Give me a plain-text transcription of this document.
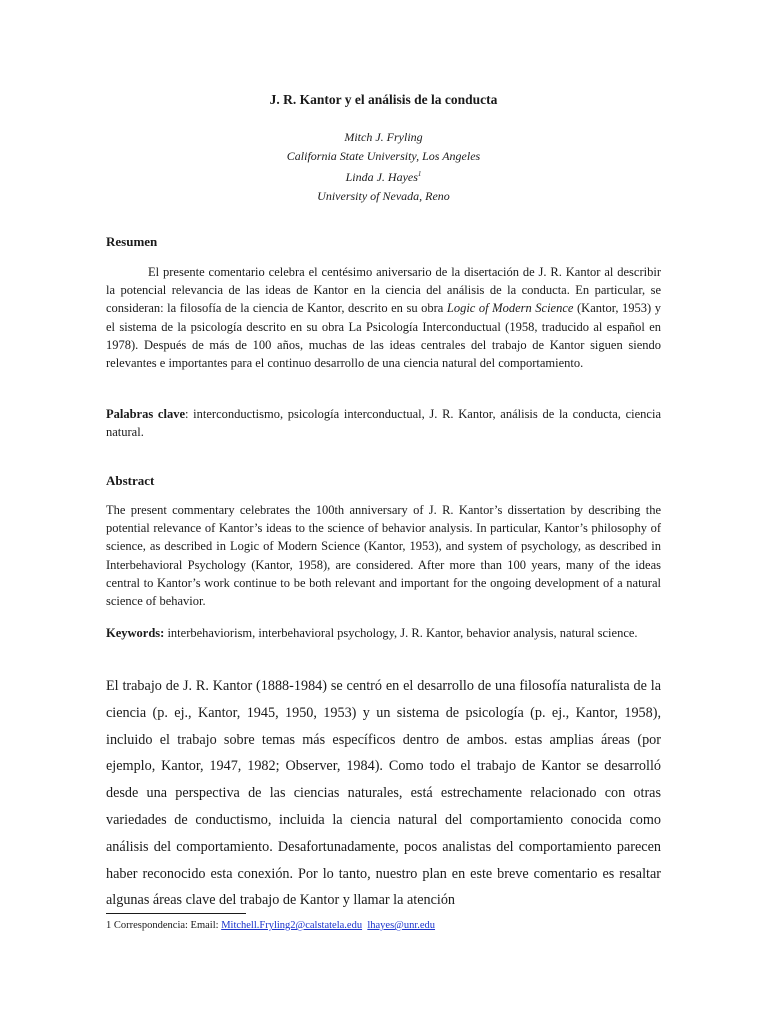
J. R. Kantor y el análisis de la conducta
Mitch J. Fryling
California State University, Los Angeles
Linda J. Hayes$^1$
University of Nevada, Reno
Resumen

El presente comentario celebra el centésimo aniversario de la disertación de J. R. Kantor al describir la potencial relevancia de las ideas de Kantor en la ciencia del análisis de la conducta. En particular, se consideran: la filosofía de la ciencia de Kantor, descrito en su obra Logic of Modern Science (Kantor, 1953) y el sistema de la psicología descrito en su obra La Psicología Interconductual (1958, traducido al español en 1978). Después de más de 100 años, muchas de las ideas centrales del trabajo de Kantor siguen siendo relevantes e importantes para el continuo desarrollo de una ciencia natural del comportamiento.

Palabras clave: interconductismo, psicología interconductual, J. R. Kantor, análisis de la conducta, ciencia natural.

Abstract

The present commentary celebrates the 100th anniversary of J. R. Kantor’s dissertation by describing the potential relevance of Kantor’s ideas to the science of behavior analysis. In particular, Kantor’s philosophy of science, as described in Logic of Modern Science (Kantor, 1953), and system of psychology, as described in Interbehavioral Psychology (Kantor, 1958), are considered. After more than 100 years, many of the ideas central to Kantor’s work continue to be both relevant and important for the ongoing development of a natural science of behavior.

Keywords: interbehaviorism, interbehavioral psychology, J. R. Kantor, behavior analysis, natural science.

El trabajo de J. R. Kantor (1888-1984) se centró en el desarrollo de una filosofía naturalista de la ciencia (p. ej., Kantor, 1945, 1950, 1953) y un sistema de psicología (p. ej., Kantor, 1958), incluido el trabajo sobre temas más específicos dentro de ambos. estas amplias áreas (por ejemplo, Kantor, 1947, 1982; Observer, 1984). Como todo el trabajo de Kantor se desarrolló desde una perspectiva de las ciencias naturales, está estrechamente relacionado con otras variedades de conductismo, incluida la ciencia natural del comportamiento conocida como análisis del comportamiento. Desafortunadamente, pocos analistas del comportamiento parecen haber reconocido esta conexión. Por lo tanto, nuestro plan en este breve comentario es resaltar algunas áreas clave del trabajo de Kantor y llamar la atención

1 Correspondencia: Email: Mitchell.Fryling2@calstatela.edu lhayes@unr.edu
